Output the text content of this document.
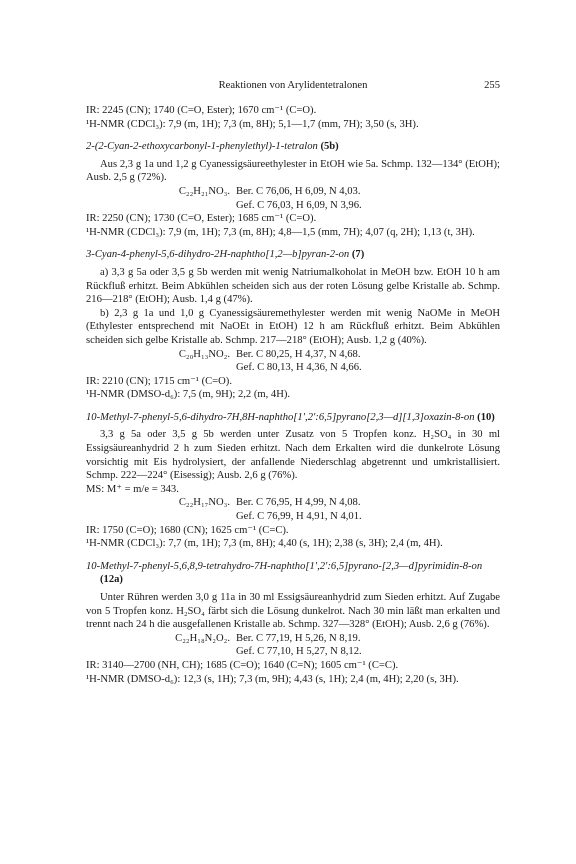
Reaktionen von Arylidentetralonen	255

IR: 2245 (CN); 1740 (C=O, Ester); 1670 cm⁻¹ (C=O).

¹H-NMR (CDCl₃): 7,9 (m, 1H); 7,3 (m, 8H); 5,1—1,7 (mm, 7H); 3,50 (s, 3H).

2-(2-Cyan-2-ethoxycarbonyl-1-phenylethyl)-1-tetralon (5b)

Aus 2,3 g 1a und 1,2 g Cyanessigsäureethylester in EtOH wie 5a. Schmp. 132—134° (EtOH); Ausb. 2,5 g (72%).

C₂₂H₂₁NO₃. Ber. C 76,06, H 6,09, N 4,03.
Gef. C 76,03, H 6,09, N 3,96.

IR: 2250 (CN); 1730 (C=O, Ester); 1685 cm⁻¹ (C=O).

¹H-NMR (CDCl₃): 7,9 (m, 1H); 7,3 (m, 8H); 4,8—1,5 (mm, 7H); 4,07 (q, 2H); 1,13 (t, 3H).

3-Cyan-4-phenyl-5,6-dihydro-2H-naphtho[1,2—b]pyran-2-on (7)

a) 3,3 g 5a oder 3,5 g 5b werden mit wenig Natriumalkoholat in MeOH bzw. EtOH 10 h am Rückfluß erhitzt. Beim Abkühlen scheiden sich aus der roten Lösung gelbe Kristalle ab. Schmp. 216—218° (EtOH); Ausb. 1,4 g (47%).

b) 2,3 g 1a und 1,0 g Cyanessigsäuremethylester werden mit wenig NaOMe in MeOH (Ethylester entsprechend mit NaOEt in EtOH) 12 h am Rückfluß erhitzt. Beim Abkühlen scheiden sich gelbe Kristalle ab. Schmp. 217—218° (EtOH); Ausb. 1,2 g (40%).

C₂₀H₁₃NO₂. Ber. C 80,25, H 4,37, N 4,68.
Gef. C 80,13, H 4,36, N 4,66.

IR: 2210 (CN); 1715 cm⁻¹ (C=O).

¹H-NMR (DMSO-d₆): 7,5 (m, 9H); 2,2 (m, 4H).

10-Methyl-7-phenyl-5,6-dihydro-7H,8H-naphtho[1′,2′:6,5]pyrano[2,3—d][1,3]oxazin-8-on (10)

3,3 g 5a oder 3,5 g 5b werden unter Zusatz von 5 Tropfen konz. H₂SO₄ in 30 ml Essigsäureanhydrid 2 h zum Sieden erhitzt. Nach dem Erkalten wird die dunkelrote Lösung vorsichtig mit Eis hydrolysiert, der anfallende Niederschlag abgetrennt und umkristallisiert. Schmp. 222—224° (Eisessig); Ausb. 2,6 g (76%).

MS: M⁺ = m/e = 343.

C₂₂H₁₇NO₃. Ber. C 76,95, H 4,99, N 4,08.
Gef. C 76,99, H 4,91, N 4,01.

IR: 1750 (C=O); 1680 (CN); 1625 cm⁻¹ (C=C).

¹H-NMR (CDCl₃): 7,7 (m, 1H); 7,3 (m, 8H); 4,40 (s, 1H); 2,38 (s, 3H); 2,4 (m, 4H).

10-Methyl-7-phenyl-5,6,8,9-tetrahydro-7H-naphtho[1′,2′:6,5]pyrano-[2,3—d]pyrimidin-8-on (12a)

Unter Rühren werden 3,0 g 11a in 30 ml Essigsäureanhydrid zum Sieden erhitzt. Auf Zugabe von 5 Tropfen konz. H₂SO₄ färbt sich die Lösung dunkelrot. Nach 30 min läßt man erkalten und trennt nach 24 h die ausgefallenen Kristalle ab. Schmp. 327—328° (EtOH); Ausb. 2,6 g (76%).

C₂₂H₁₈N₂O₂. Ber. C 77,19, H 5,26, N 8,19.
Gef. C 77,10, H 5,27, N 8,12.

IR: 3140—2700 (NH, CH); 1685 (C=O); 1640 (C=N); 1605 cm⁻¹ (C=C).

¹H-NMR (DMSO-d₆): 12,3 (s, 1H); 7,3 (m, 9H); 4,43 (s, 1H); 2,4 (m, 4H); 2,20 (s, 3H).
